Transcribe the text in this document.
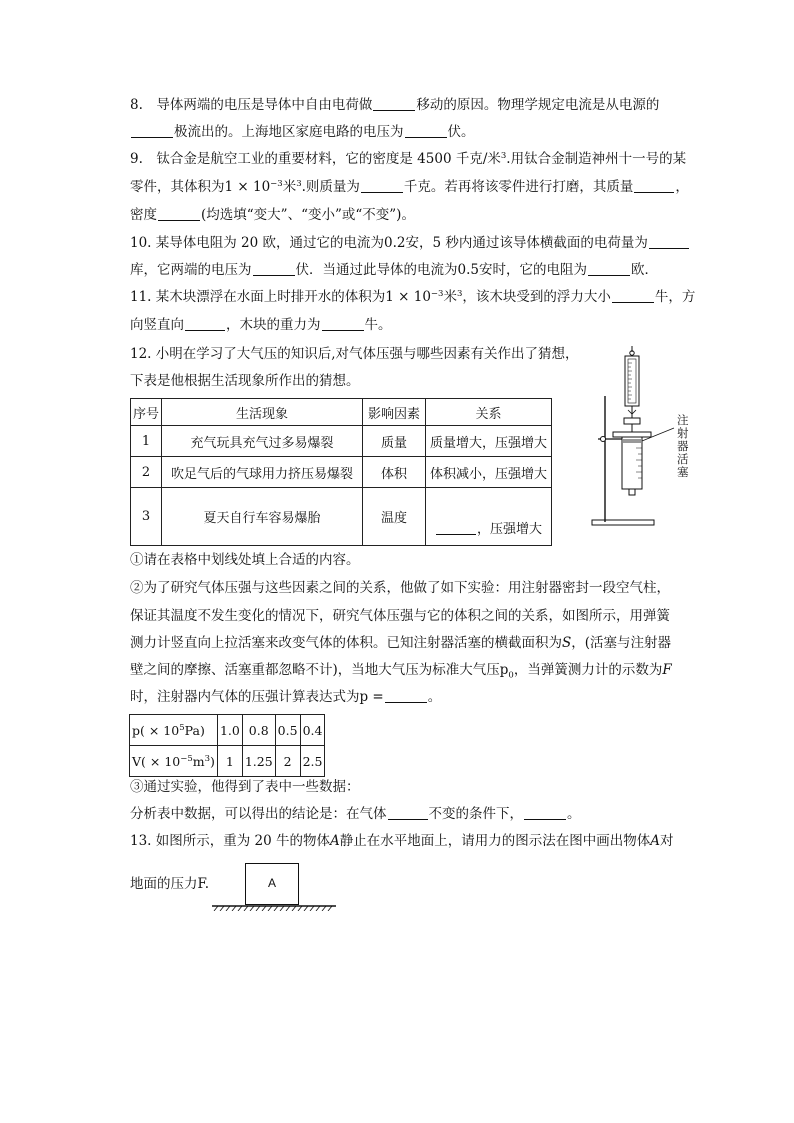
8.　导体两端的电压是导体中自由电荷做	移动的原因。物理学规定电流是从电源的
极流出的。上海地区家庭电路的电压为	伏。
9.　钛合金是航空工业的重要材料，它的密度是 4500 千克/米$^3$.用钛合金制造神州十一号的某
零件，其体积为$1 \times 10^{-3}$米$^3$.则质量为	千克。若再将该零件进行打磨，其质量	，
密度	(均选填“变大”、“变小”或“不变”)。
10. 某导体电阻为 20 欧，通过它的电流为0.2安，5 秒内通过该导体横截面的电荷量为
库，它两端的电压为	伏．当通过此导体的电流为0.5安时，它的电阻为	欧．
11. 某木块漂浮在水面上时排开水的体积为$1 \times 10^{-3}$米$^3$，该木块受到的浮力大小	牛，方
向竖直向	，木块的重力为	牛。
12. 小明在学习了大气压的知识后,对气体压强与哪些因素有关作出了猜想，
下表是他根据生活现象所作出的猜想。
序号	生活现象	影响因素	关系
1	充气玩具充气过多易爆裂	质量	质量增大，压强增大
2	吹足气后的气球用力挤压易爆裂	体积	体积减小，压强增大
3	夏天自行车容易爆胎	温度	，压强增大
注射器活塞
①请在表格中划线处填上合适的内容。
②为了研究气体压强与这些因素之间的关系，他做了如下实验：用注射器密封一段空气柱，
保证其温度不发生变化的情况下，研究气体压强与它的体积之间的关系，如图所示，用弹簧
测力计竖直向上拉活塞来改变气体的体积。已知注射器活塞的横截面积为S，(活塞与注射器
壁之间的摩擦、活塞重都忽略不计)，当地大气压为标准大气压$p_0$，当弹簧测力计的示数为F
时，注射器内气体的压强计算表达式为p =	。
$p( \times 10^5Pa)$	1.0	0.8	0.5	0.4
$V( \times 10^{-5}m^3)$	1	1.25	2	2.5
③通过实验，他得到了表中一些数据：
分析表中数据，可以得出的结论是：在气体	不变的条件下，	。
13. 如图所示，重为 20 牛的物体A静止在水平地面上，请用力的图示法在图中画出物体A对
地面的压力F.	A
